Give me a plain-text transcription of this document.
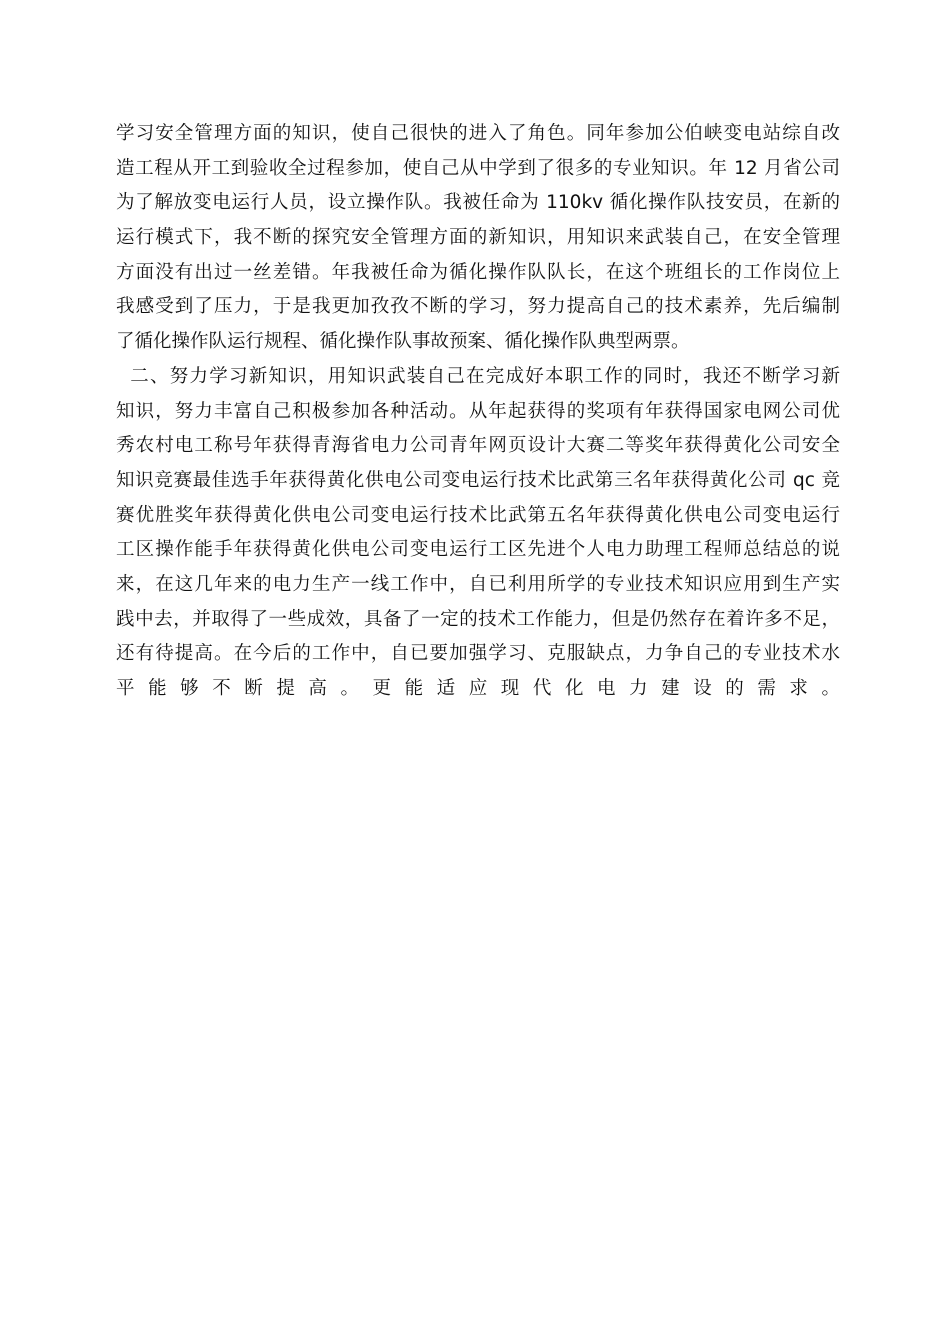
学习安全管理方面的知识，使自己很快的进入了角色。同年参加公伯峡变电站综自改
造工程从开工到验收全过程参加，使自己从中学到了很多的专业知识。年 12 月省公司
为了解放变电运行人员，设立操作队。我被任命为 110kv 循化操作队技安员，在新的
运行模式下，我不断的探究安全管理方面的新知识，用知识来武装自己，在安全管理
方面没有出过一丝差错。年我被任命为循化操作队队长，在这个班组长的工作岗位上
我感受到了压力，于是我更加孜孜不断的学习，努力提高自己的技术素养，先后编制
了循化操作队运行规程、循化操作队事故预案、循化操作队典型两票。
二、努力学习新知识，用知识武装自己在完成好本职工作的同时，我还不断学习新
知识，努力丰富自己积极参加各种活动。从年起获得的奖项有年获得国家电网公司优
秀农村电工称号年获得青海省电力公司青年网页设计大赛二等奖年获得黄化公司安全
知识竞赛最佳选手年获得黄化供电公司变电运行技术比武第三名年获得黄化公司 qc 竞
赛优胜奖年获得黄化供电公司变电运行技术比武第五名年获得黄化供电公司变电运行
工区操作能手年获得黄化供电公司变电运行工区先进个人电力助理工程师总结总的说
来，在这几年来的电力生产一线工作中，自已利用所学的专业技术知识应用到生产实
践中去，并取得了一些成效，具备了一定的技术工作能力，但是仍然存在着许多不足，
还有待提高。在今后的工作中，自已要加强学习、克服缺点，力争自己的专业技术水
平能够不断提高。更能适应现代化电力建设的需求。
